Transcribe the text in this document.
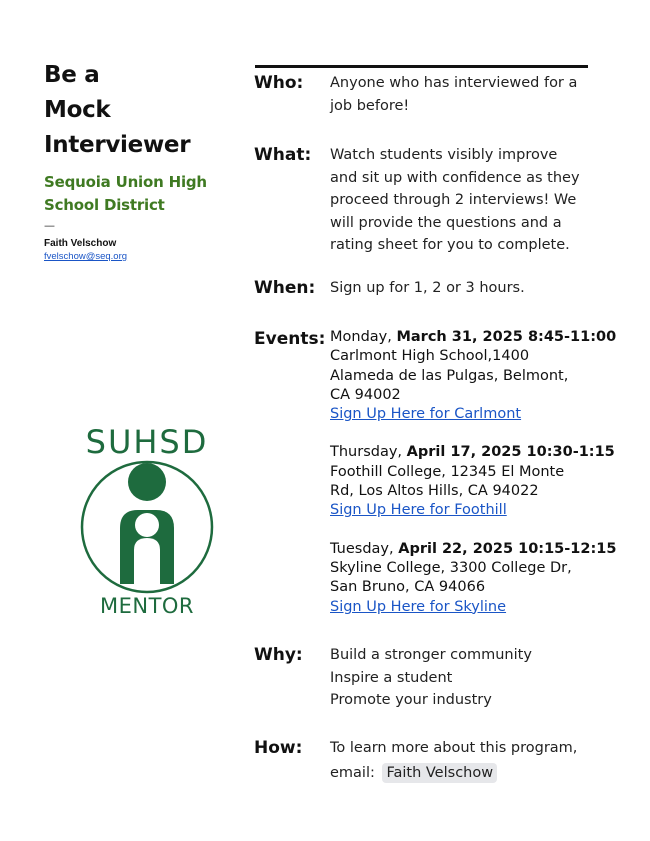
Be a
Mock
Interviewer
Sequoia Union High
School District
—
Faith Velschow
fvelschow@seq.org
SUHSD
MENTOR
Who: Anyone who has interviewed for a
job before!
What: Watch students visibly improve
and sit up with confidence as they
proceed through 2 interviews! We
will provide the questions and a
rating sheet for you to complete.
When: Sign up for 1, 2 or 3 hours.
Events: Monday, March 31, 2025 8:45-11:00
Carlmont High School,1400
Alameda de las Pulgas, Belmont,
CA 94002
Sign Up Here for Carlmont
Thursday, April 17, 2025 10:30-1:15
Foothill College, 12345 El Monte
Rd, Los Altos Hills, CA 94022
Sign Up Here for Foothill
Tuesday, April 22, 2025 10:15-12:15
Skyline College, 3300 College Dr,
San Bruno, CA 94066
Sign Up Here for Skyline
Why: Build a stronger community
Inspire a student
Promote your industry
How: To learn more about this program,
email: Faith Velschow
